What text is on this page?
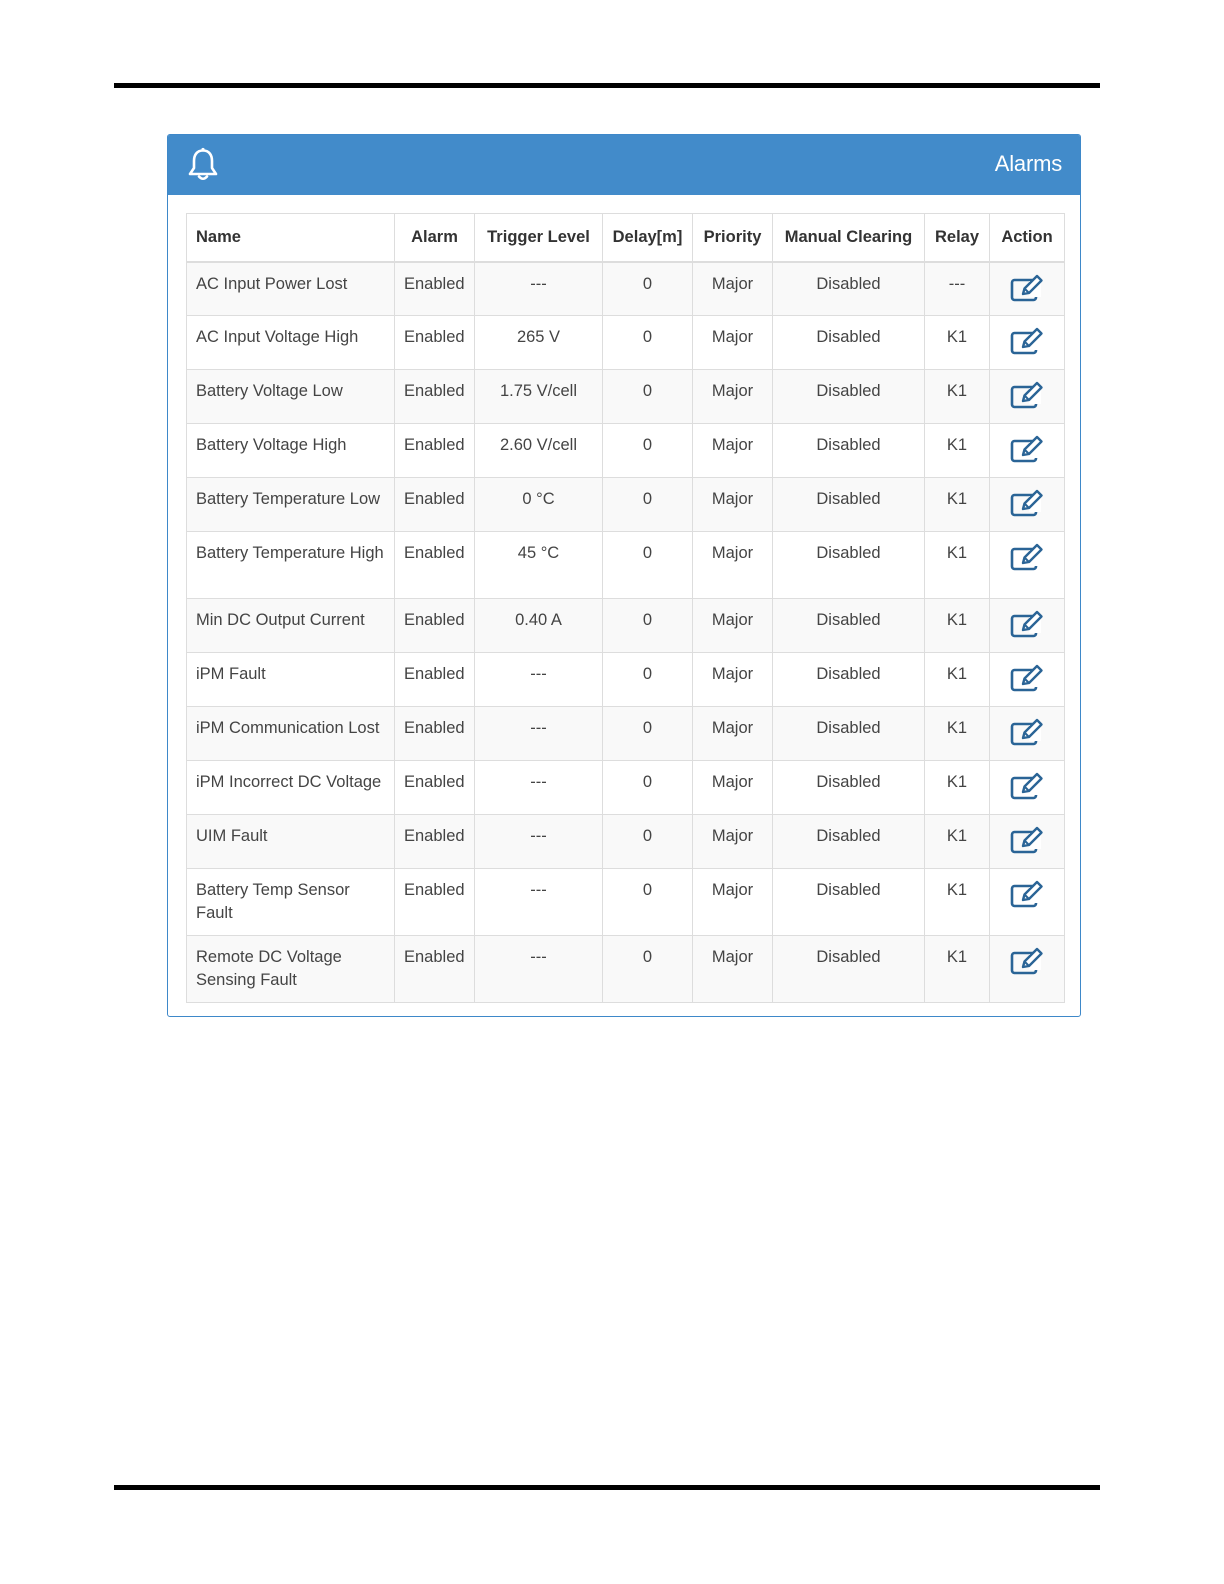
Alarms
Name	Alarm	Trigger Level	Delay[m]	Priority	Manual Clearing	Relay	Action
AC Input Power Lost	Enabled	---	0	Major	Disabled	---	

AC Input Voltage High	Enabled	265 V	0	Major	Disabled	K1	

Battery Voltage Low	Enabled	1.75 V/cell	0	Major	Disabled	K1	

Battery Voltage High	Enabled	2.60 V/cell	0	Major	Disabled	K1	

Battery Temperature Low	Enabled	0 °C	0	Major	Disabled	K1	

Battery Temperature High	Enabled	45 °C	0	Major	Disabled	K1	

Min DC Output Current	Enabled	0.40 A	0	Major	Disabled	K1	

iPM Fault	Enabled	---	0	Major	Disabled	K1	

iPM Communication Lost	Enabled	---	0	Major	Disabled	K1	

iPM Incorrect DC Voltage	Enabled	---	0	Major	Disabled	K1	

UIM Fault	Enabled	---	0	Major	Disabled	K1	

Battery Temp Sensor Fault	Enabled	---	0	Major	Disabled	K1	

Remote DC Voltage Sensing Fault	Enabled	---	0	Major	Disabled	K1	
